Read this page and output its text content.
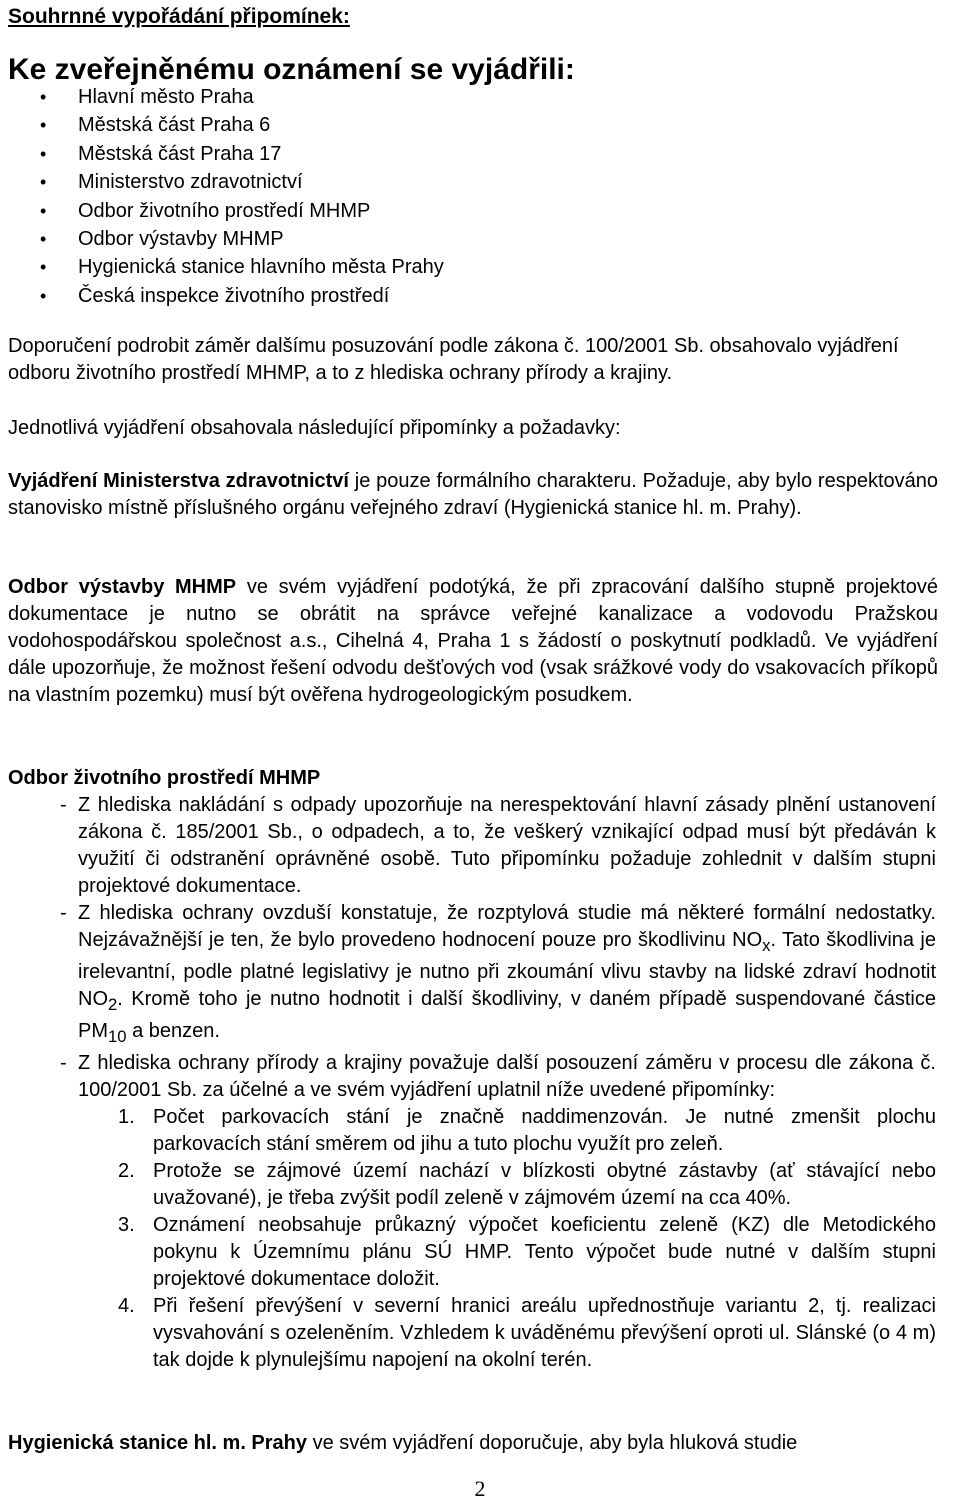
Souhrnné vypořádání připomínek:
Ke zveřejněnému oznámení se vyjádřili:
• Hlavní město Praha
• Městská část Praha 6
• Městská část Praha 17
• Ministerstvo zdravotnictví
• Odbor životního prostředí MHMP
• Odbor výstavby MHMP
• Hygienická stanice hlavního města Prahy
• Česká inspekce životního prostředí

Doporučení podrobit záměr dalšímu posuzování podle zákona č. 100/2001 Sb. obsahovalo vyjádření odboru životního prostředí MHMP, a to z hlediska ochrany přírody a krajiny.

Jednotlivá vyjádření obsahovala následující připomínky a požadavky:

Vyjádření Ministerstva zdravotnictví je pouze formálního charakteru. Požaduje, aby bylo respektováno stanovisko místně příslušného orgánu veřejného zdraví (Hygienická stanice hl. m. Prahy).

Odbor výstavby MHMP ve svém vyjádření podotýká, že při zpracování dalšího stupně projektové dokumentace je nutno se obrátit na správce veřejné kanalizace a vodovodu Pražskou vodohospodářskou společnost a.s., Cihelná 4, Praha 1 s žádostí o poskytnutí podkladů. Ve vyjádření dále upozorňuje, že možnost řešení odvodu dešťových vod (vsak srážkové vody do vsakovacích příkopů na vlastním pozemku) musí být ověřena hydrogeologickým posudkem.

Odbor životního prostředí MHMP
- Z hlediska nakládání s odpady upozorňuje na nerespektování hlavní zásady plnění ustanovení zákona č. 185/2001 Sb., o odpadech, a to, že veškerý vznikající odpad musí být předáván k využití či odstranění oprávněné osobě. Tuto připomínku požaduje zohlednit v dalším stupni projektové dokumentace.
- Z hlediska ochrany ovzduší konstatuje, že rozptylová studie má některé formální nedostatky. Nejzávažnější je ten, že bylo provedeno hodnocení pouze pro škodlivinu $NO_x$. Tato škodlivina je irelevantní, podle platné legislativy je nutno při zkoumání vlivu stavby na lidské zdraví hodnotit $NO_2$. Kromě toho je nutno hodnotit i další škodliviny, v daném případě suspendované částice $PM_{10}$ a benzen.
- Z hlediska ochrany přírody a krajiny považuje další posouzení záměru v procesu dle zákona č. 100/2001 Sb. za účelné a ve svém vyjádření uplatnil níže uvedené připomínky:
1. Počet parkovacích stání je značně naddimenzován. Je nutné zmenšit plochu parkovacích stání směrem od jihu a tuto plochu využít pro zeleň.
2. Protože se zájmové území nachází v blízkosti obytné zástavby (ať stávající nebo uvažované), je třeba zvýšit podíl zeleně v zájmovém území na cca 40%.
3. Oznámení neobsahuje průkazný výpočet koeficientu zeleně (KZ) dle Metodického pokynu k Územnímu plánu SÚ HMP. Tento výpočet bude nutné v dalším stupni projektové dokumentace doložit.
4. Při řešení převýšení v severní hranici areálu upřednostňuje variantu 2, tj. realizaci vysvahování s ozeleněním. Vzhledem k uváděnému převýšení oproti ul. Slánské (o 4 m) tak dojde k plynulejšímu napojení na okolní terén.

Hygienická stanice hl. m. Prahy ve svém vyjádření doporučuje, aby byla hluková studie

2
